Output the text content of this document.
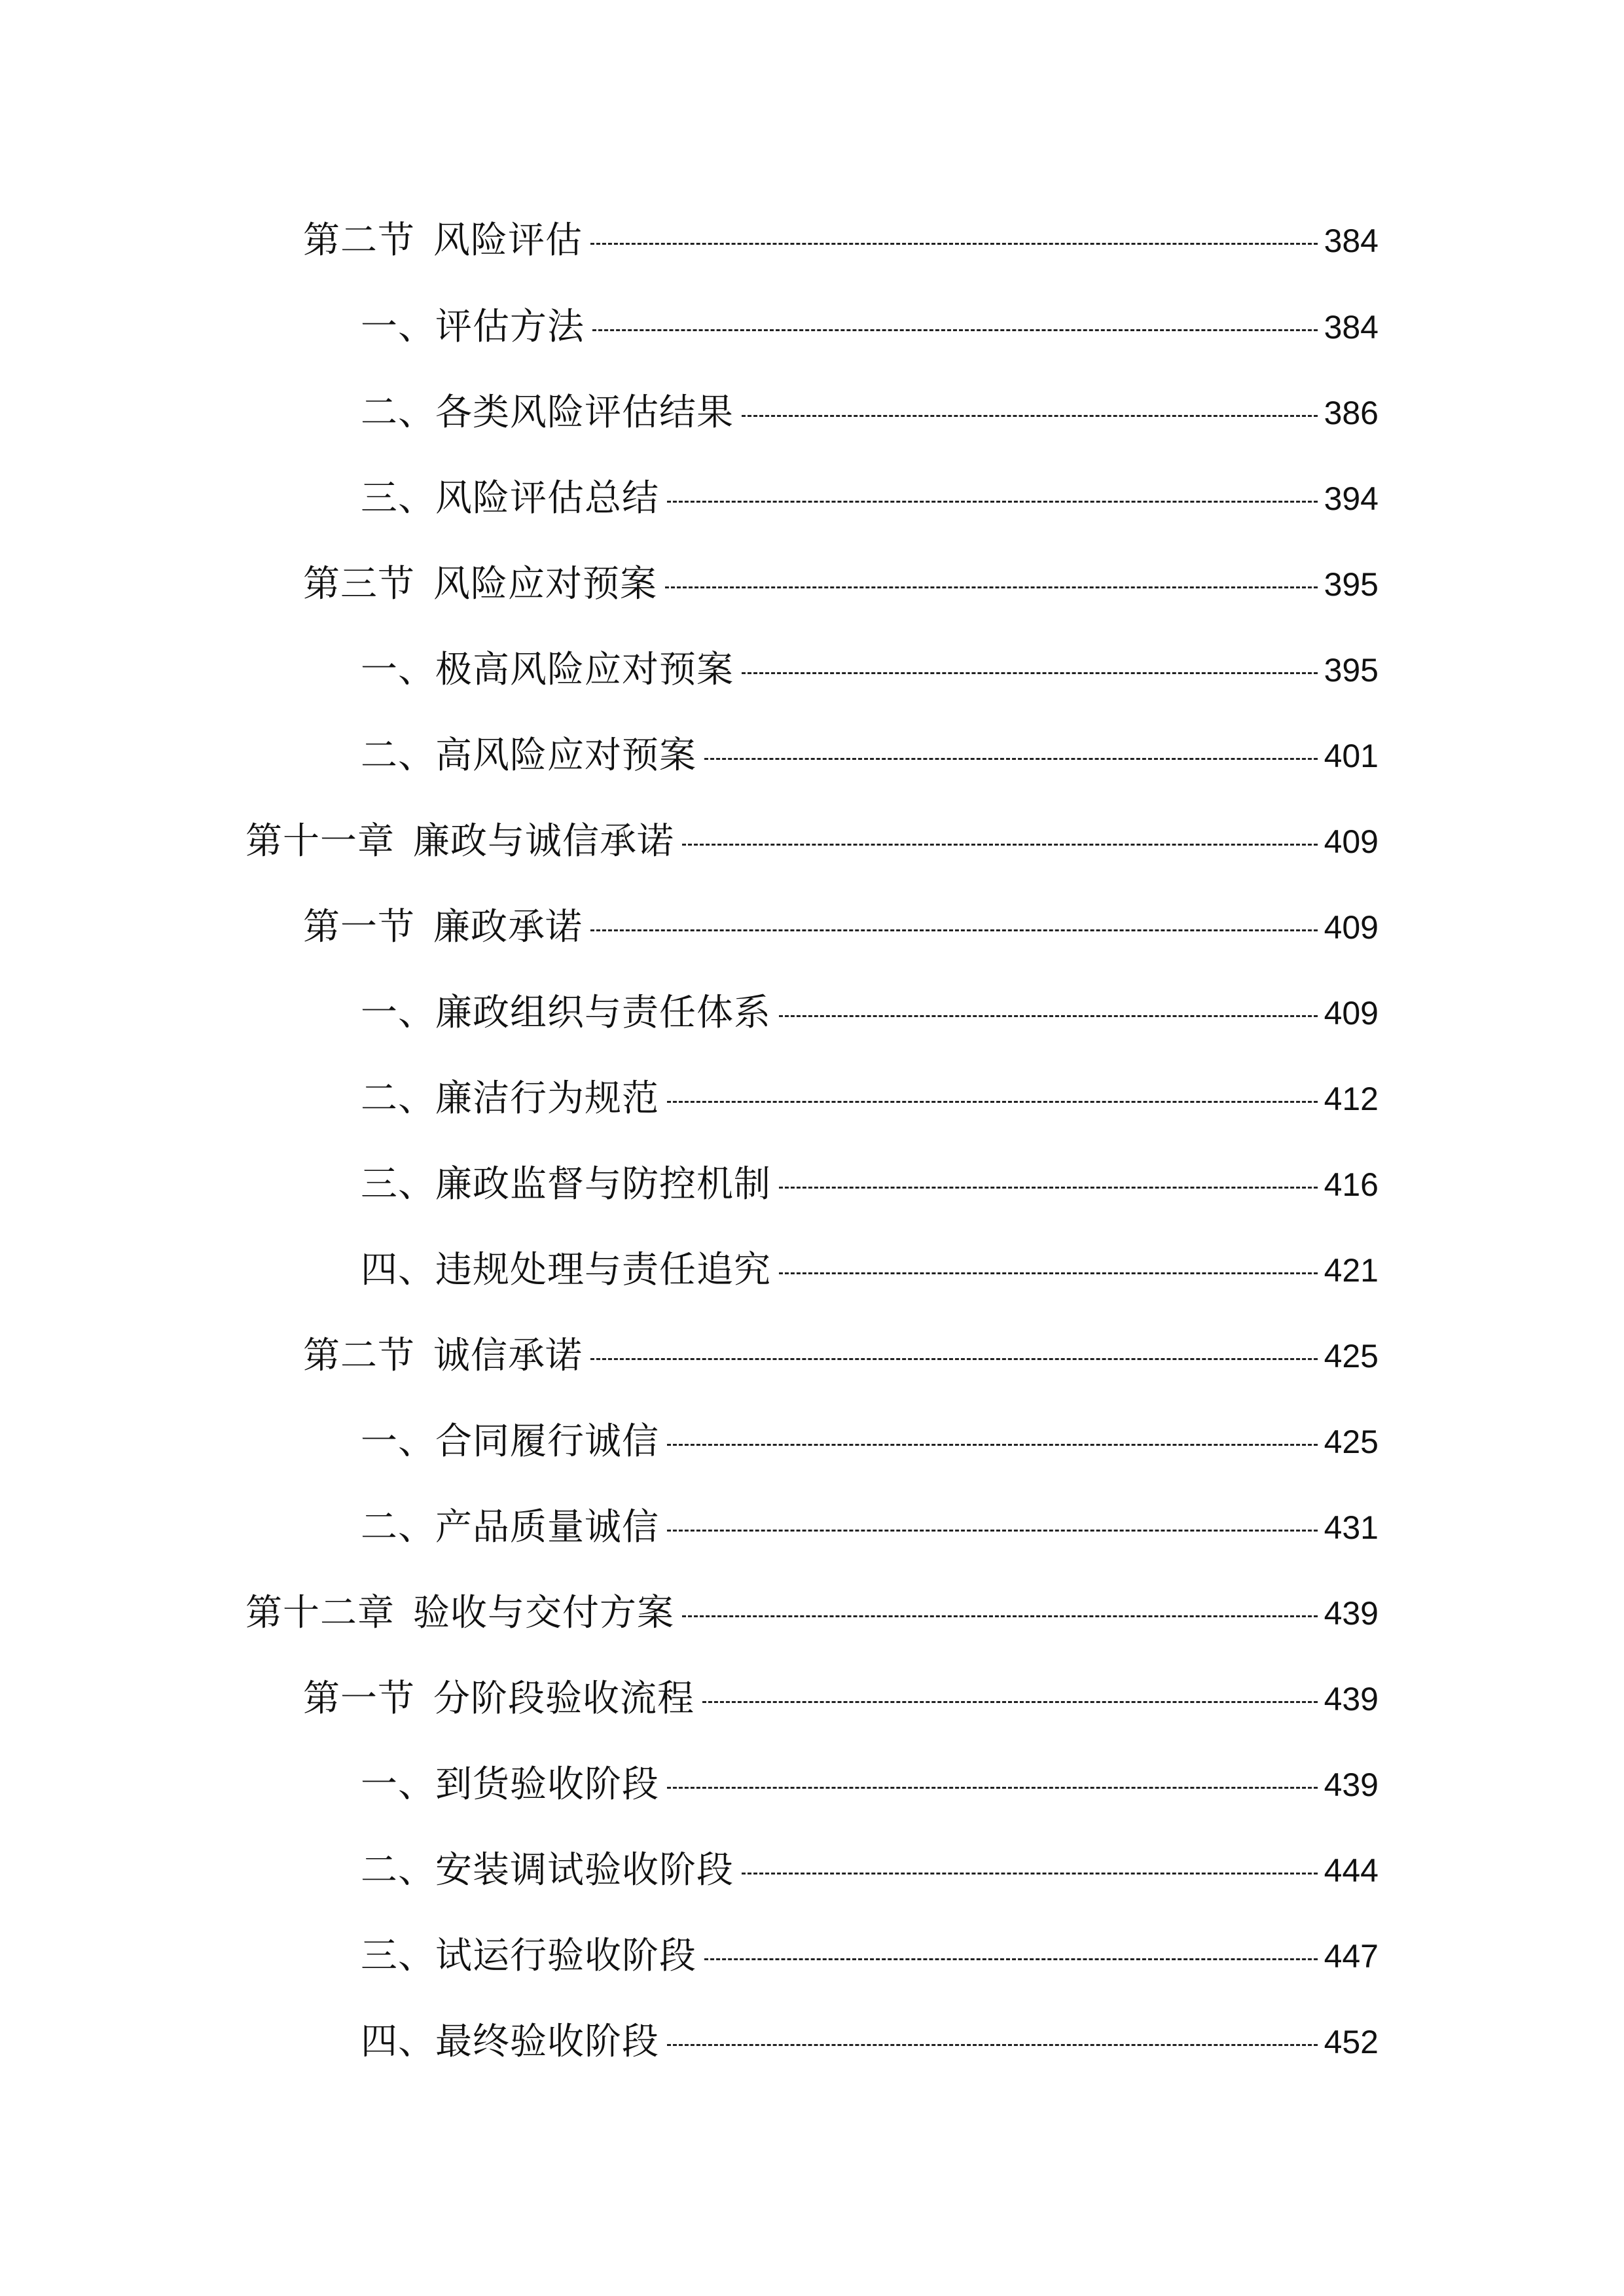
第二节 风险评估	384
一、评估方法	384
二、各类风险评估结果	386
三、风险评估总结	394
第三节 风险应对预案	395
一、极高风险应对预案	395
二、高风险应对预案	401
第十一章 廉政与诚信承诺	409
第一节 廉政承诺	409
一、廉政组织与责任体系	409
二、廉洁行为规范	412
三、廉政监督与防控机制	416
四、违规处理与责任追究	421
第二节 诚信承诺	425
一、合同履行诚信	425
二、产品质量诚信	431
第十二章 验收与交付方案	439
第一节 分阶段验收流程	439
一、到货验收阶段	439
二、安装调试验收阶段	444
三、试运行验收阶段	447
四、最终验收阶段	452
